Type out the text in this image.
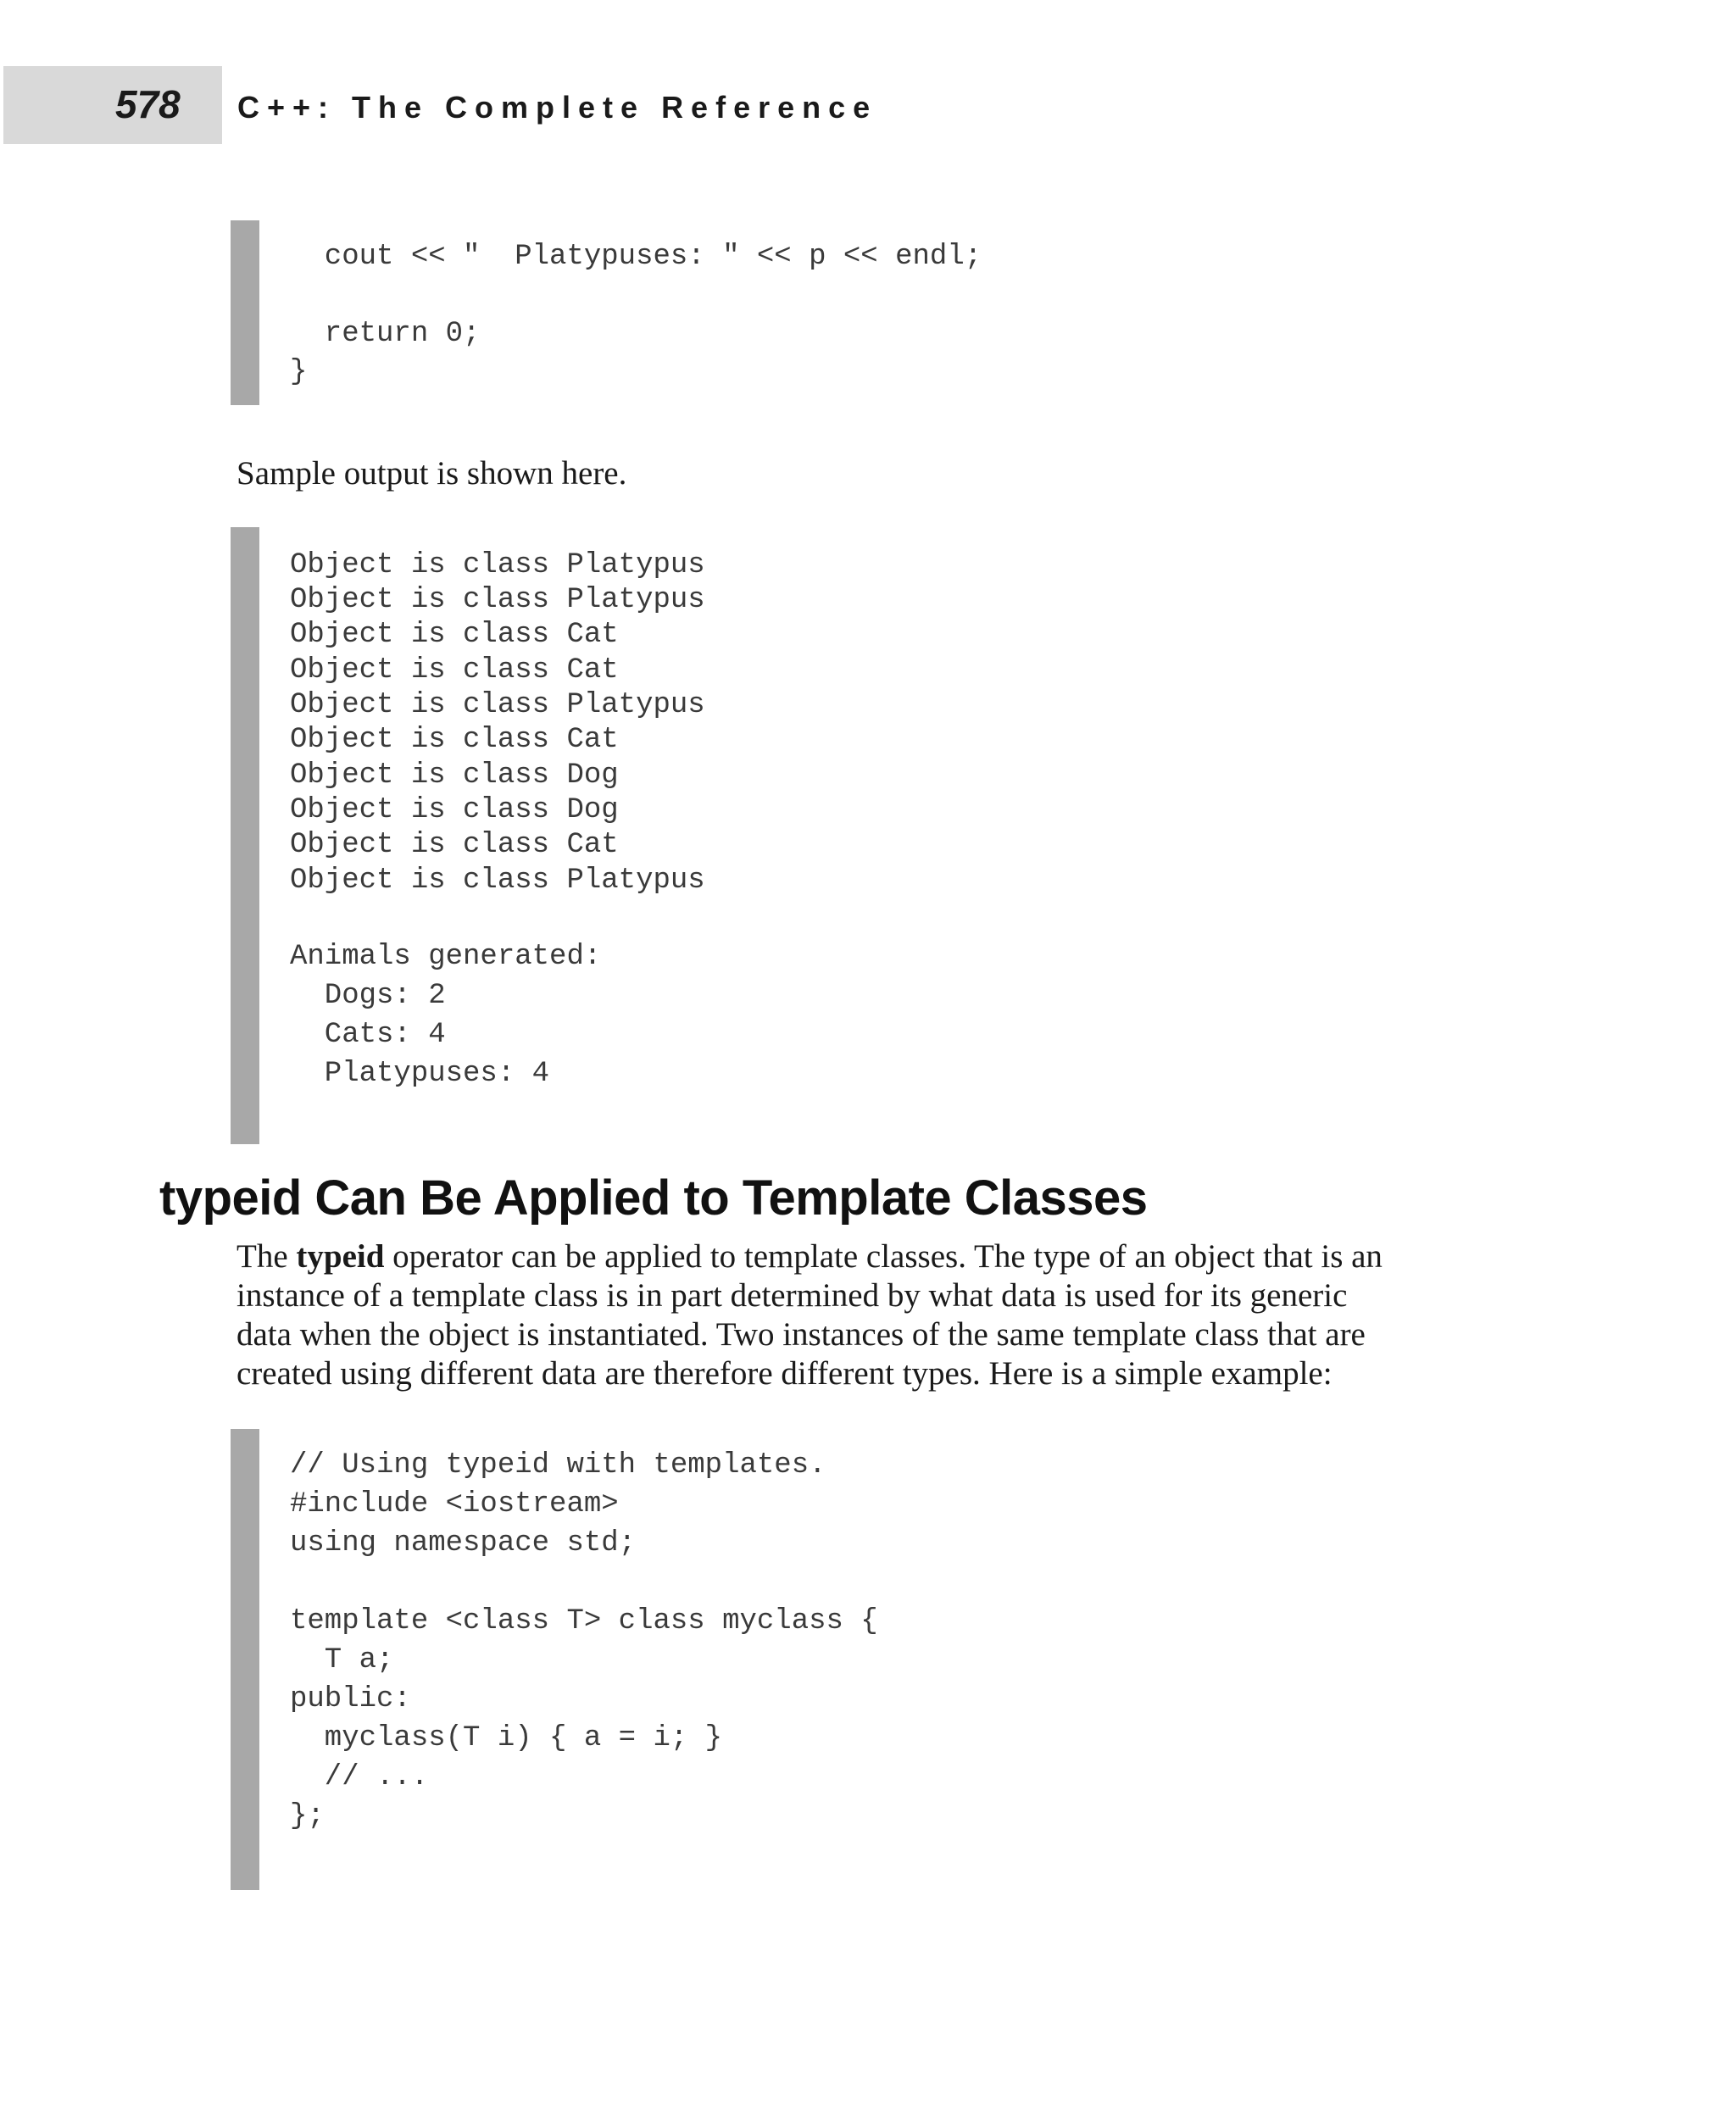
578 C++: The Complete Reference
cout << "  Platypuses: " << p << endl;
return 0;
}
Sample output is shown here.
Object is class Platypus
Object is class Platypus
Object is class Cat
Object is class Cat
Object is class Platypus
Object is class Cat
Object is class Dog
Object is class Dog
Object is class Cat
Object is class Platypus
Animals generated:
Dogs: 2
Cats: 4
Platypuses: 4
typeid Can Be Applied to Template Classes
The typeid operator can be applied to template classes. The type of an object that is an
instance of a template class is in part determined by what data is used for its generic
data when the object is instantiated. Two instances of the same template class that are
created using different data are therefore different types. Here is a simple example:
// Using typeid with templates.
#include <iostream>
using namespace std;
template <class T> class myclass {
T a;
public:
myclass(T i) { a = i; }
// ...
};
